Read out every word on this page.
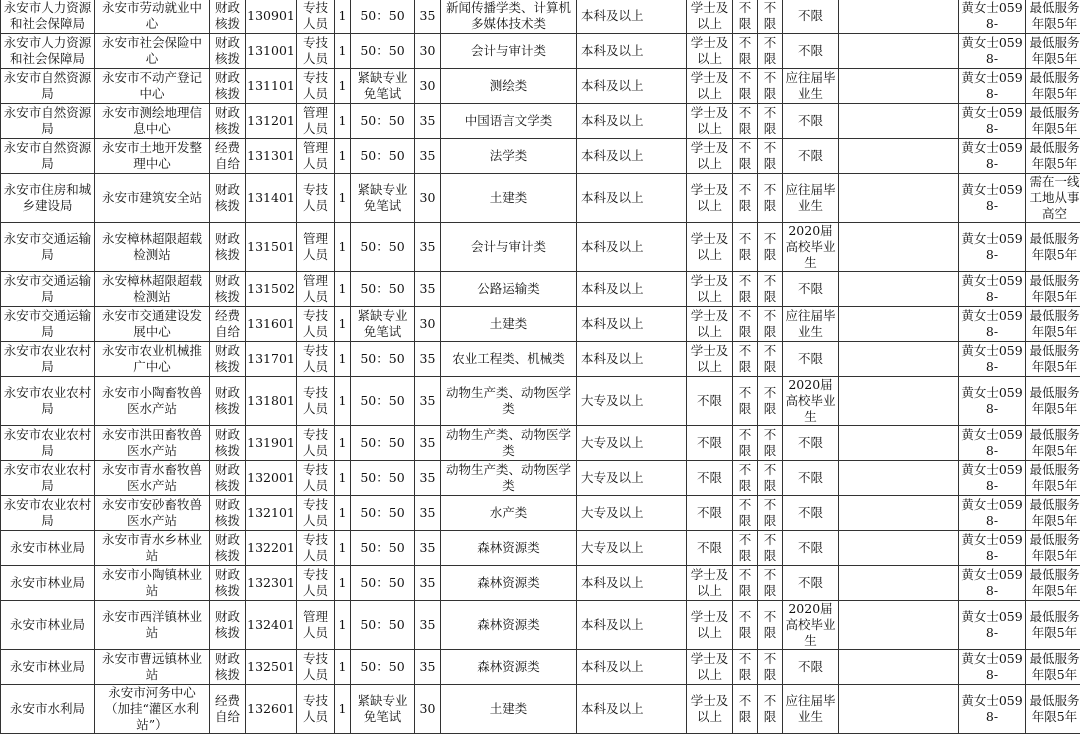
永安市人力资源和社会保障局	永安市劳动就业中心	财政核拨	130901	专技人员	1	50：50	35	新闻传播学类、计算机多媒体技术类	本科及以上	学士及以上	不限	不限	不限		黄女士0598-	最低服务年限5年
永安市人力资源和社会保障局	永安市社会保险中心	财政核拨	131001	专技人员	1	50：50	30	会计与审计类	本科及以上	学士及以上	不限	不限	不限		黄女士0598-	最低服务年限5年
永安市自然资源局	永安市不动产登记中心	财政核拨	131101	专技人员	1	紧缺专业免笔试	30	测绘类	本科及以上	学士及以上	不限	不限	应往届毕业生		黄女士0598-	最低服务年限5年
永安市自然资源局	永安市测绘地理信息中心	财政核拨	131201	管理人员	1	50：50	35	中国语言文学类	本科及以上	学士及以上	不限	不限	不限		黄女士0598-	最低服务年限5年
永安市自然资源局	永安市土地开发整理中心	经费自给	131301	管理人员	1	50：50	35	法学类	本科及以上	学士及以上	不限	不限	不限		黄女士0598-	最低服务年限5年
永安市住房和城乡建设局	永安市建筑安全站	财政核拨	131401	专技人员	1	紧缺专业免笔试	30	土建类	本科及以上	学士及以上	不限	不限	应往届毕业生		黄女士0598-	需在一线工地从事高空
永安市交通运输局	永安樟林超限超载检测站	财政核拨	131501	管理人员	1	50：50	35	会计与审计类	本科及以上	学士及以上	不限	不限	2020届高校毕业生		黄女士0598-	最低服务年限5年
永安市交通运输局	永安樟林超限超载检测站	财政核拨	131502	管理人员	1	50：50	35	公路运输类	本科及以上	学士及以上	不限	不限	不限		黄女士0598-	最低服务年限5年
永安市交通运输局	永安市交通建设发展中心	经费自给	131601	专技人员	1	紧缺专业免笔试	30	土建类	本科及以上	学士及以上	不限	不限	应往届毕业生		黄女士0598-	最低服务年限5年
永安市农业农村局	永安市农业机械推广中心	财政核拨	131701	专技人员	1	50：50	35	农业工程类、机械类	本科及以上	学士及以上	不限	不限	不限		黄女士0598-	最低服务年限5年
永安市农业农村局	永安市小陶畜牧兽医水产站	财政核拨	131801	专技人员	1	50：50	35	动物生产类、动物医学类	大专及以上	不限	不限	不限	2020届高校毕业生		黄女士0598-	最低服务年限5年
永安市农业农村局	永安市洪田畜牧兽医水产站	财政核拨	131901	专技人员	1	50：50	35	动物生产类、动物医学类	大专及以上	不限	不限	不限	不限		黄女士0598-	最低服务年限5年
永安市农业农村局	永安市青水畜牧兽医水产站	财政核拨	132001	专技人员	1	50：50	35	动物生产类、动物医学类	大专及以上	不限	不限	不限	不限		黄女士0598-	最低服务年限5年
永安市农业农村局	永安市安砂畜牧兽医水产站	财政核拨	132101	专技人员	1	50：50	35	水产类	大专及以上	不限	不限	不限	不限		黄女士0598-	最低服务年限5年
永安市林业局	永安市青水乡林业站	财政核拨	132201	专技人员	1	50：50	35	森林资源类	大专及以上	不限	不限	不限	不限		黄女士0598-	最低服务年限5年
永安市林业局	永安市小陶镇林业站	财政核拨	132301	专技人员	1	50：50	35	森林资源类	本科及以上	学士及以上	不限	不限	不限		黄女士0598-	最低服务年限5年
永安市林业局	永安市西洋镇林业站	财政核拨	132401	管理人员	1	50：50	35	森林资源类	本科及以上	学士及以上	不限	不限	2020届高校毕业生		黄女士0598-	最低服务年限5年
永安市林业局	永安市曹远镇林业站	财政核拨	132501	专技人员	1	50：50	35	森林资源类	本科及以上	学士及以上	不限	不限	不限		黄女士0598-	最低服务年限5年
永安市水利局	永安市河务中心（加挂“灌区水利站”）	经费自给	132601	专技人员	1	紧缺专业免笔试	30	土建类	本科及以上	学士及以上	不限	不限	应往届毕业生		黄女士0598-	最低服务年限5年
